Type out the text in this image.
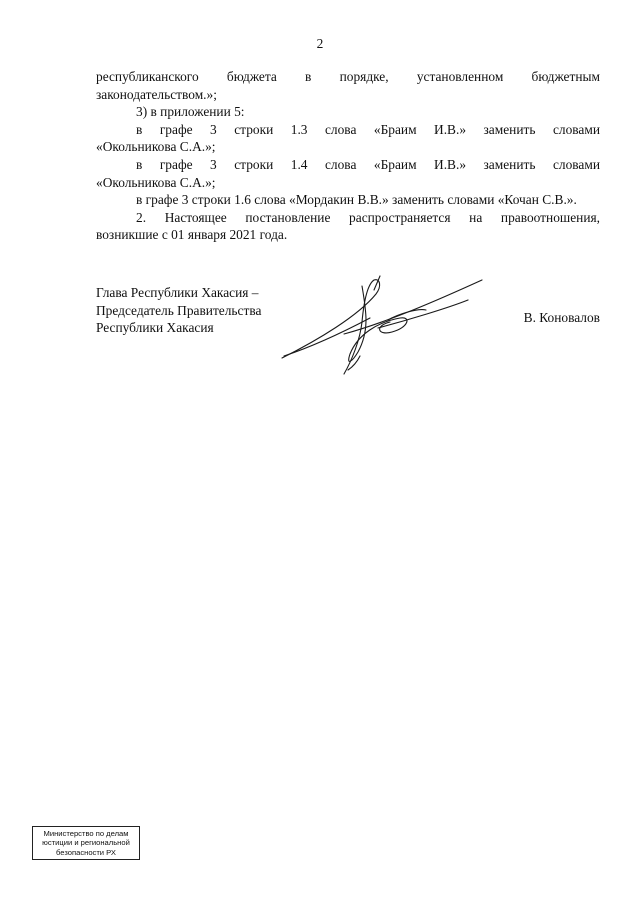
2

республиканского бюджета в порядке, установленном бюджетным

законодательством.»;

3) в приложении 5:

в графе 3 строки 1.3 слова «Браим И.В.» заменить словами

«Окольникова С.А.»;

в графе 3 строки 1.4 слова «Браим И.В.» заменить словами

«Окольникова С.А.»;

в графе 3 строки 1.6 слова «Мордакин В.В.» заменить словами «Кочан С.В.».

2. Настоящее постановление распространяется на правоотношения,

возникшие с 01 января 2021 года.

Глава Республики Хакасия –
Председатель Правительства
Республики Хакасия
В. Коновалов
Министерство по делам
юстиции и региональной
безопасности РХ
